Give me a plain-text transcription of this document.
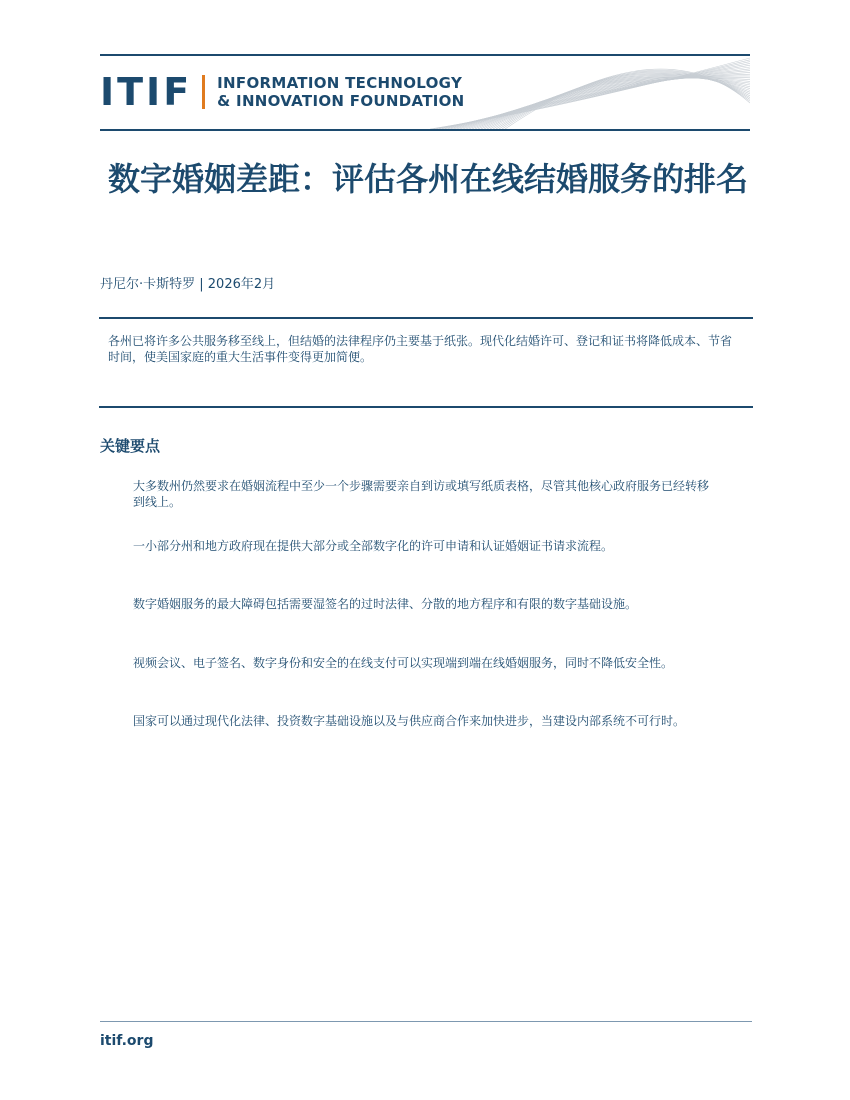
ITIF INFORMATION TECHNOLOGY
& INNOVATION FOUNDATION
数字婚姻差距：评估各州在线结婚服务的排名
丹尼尔·卡斯特罗 | 2026年2月

各州已将许多公共服务移至线上，但结婚的法律程序仍主要基于纸张。现代化结婚许可、登记和证书将降低成本、节省时间，使美国家庭的重大生活事件变得更加简便。

关键要点

大多数州仍然要求在婚姻流程中至少一个步骤需要亲自到访或填写纸质表格，尽管其他核心政府服务已经转移到线上。

一小部分州和地方政府现在提供大部分或全部数字化的许可申请和认证婚姻证书请求流程。

数字婚姻服务的最大障碍包括需要湿签名的过时法律、分散的地方程序和有限的数字基础设施。

视频会议、电子签名、数字身份和安全的在线支付可以实现端到端在线婚姻服务，同时不降低安全性。

国家可以通过现代化法律、投资数字基础设施以及与供应商合作来加快进步，当建设内部系统不可行时。

itif.org
